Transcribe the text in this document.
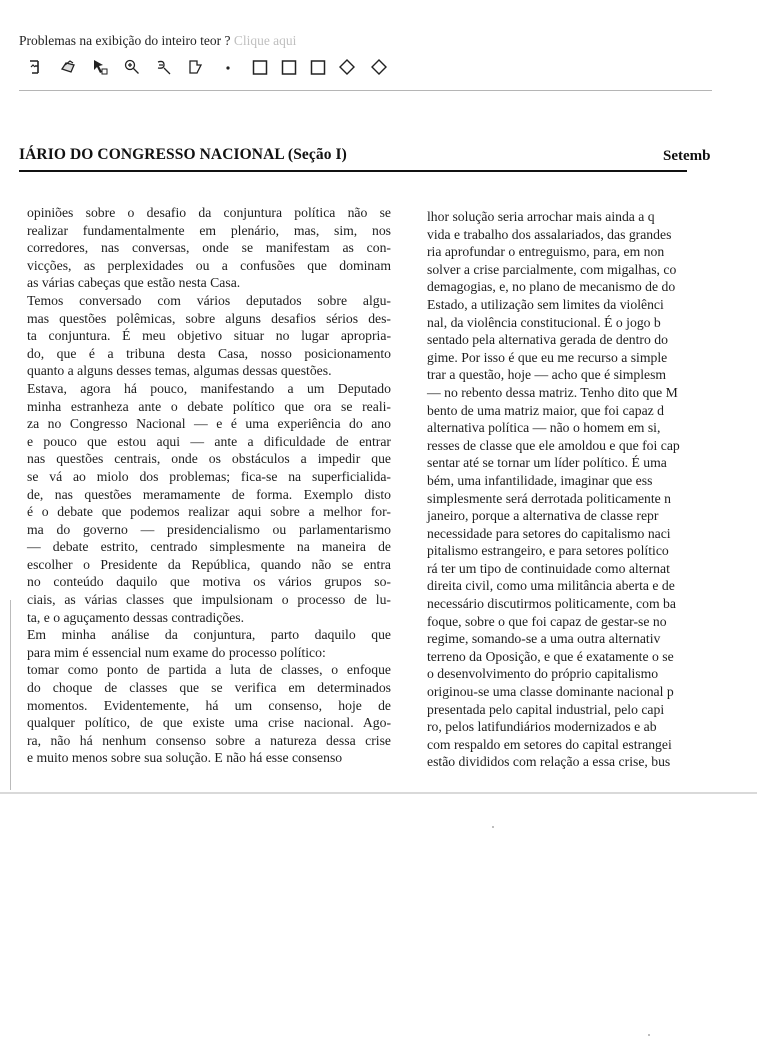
Problemas na exibição do inteiro teor ? Clique aqui
IÁRIO DO CONGRESSO NACIONAL (Seção I)	Setemb
opiniões sobre o desafio da conjuntura política não se
realizar fundamentalmente em plenário, mas, sim, nos
corredores, nas conversas, onde se manifestam as con-
vicções, as perplexidades ou a confusões que dominam
as várias cabeças que estão nesta Casa.
Temos conversado com vários deputados sobre algu-
mas questões polêmicas, sobre alguns desafios sérios des-
ta conjuntura. É meu objetivo situar no lugar apropria-
do, que é a tribuna desta Casa, nosso posicionamento
quanto a alguns desses temas, algumas dessas questões.
Estava, agora há pouco, manifestando a um Deputado
minha estranheza ante o debate político que ora se reali-
za no Congresso Nacional — e é uma experiência do ano
e pouco que estou aqui — ante a dificuldade de entrar
nas questões centrais, onde os obstáculos a impedir que
se vá ao miolo dos problemas; fica-se na superficialida-
de, nas questões meramamente de forma. Exemplo disto
é o debate que podemos realizar aqui sobre a melhor for-
ma do governo — presidencialismo ou parlamentarismo
— debate estrito, centrado simplesmente na maneira de
escolher o Presidente da República, quando não se entra
no conteúdo daquilo que motiva os vários grupos so-
ciais, as várias classes que impulsionam o processo de lu-
ta, e o aguçamento dessas contradições.
Em minha análise da conjuntura, parto daquilo que
para mim é essencial num exame do processo político:
tomar como ponto de partida a luta de classes, o enfoque
do choque de classes que se verifica em determinados
momentos. Evidentemente, há um consenso, hoje de
qualquer político, de que existe uma crise nacional. Ago-
ra, não há nenhum consenso sobre a natureza dessa crise
e muito menos sobre sua solução. E não há esse consenso
lhor solução seria arrochar mais ainda a q
vida e trabalho dos assalariados, das grandes
ria aprofundar o entreguismo, para, em non
solver a crise parcialmente, com migalhas, co
demagogias, e, no plano de mecanismo de do
Estado, a utilização sem limites da violênci
nal, da violência constitucional. É o jogo b
sentado pela alternativa gerada de dentro do
gime. Por isso é que eu me recurso a simple
trar a questão, hoje — acho que é simplesm
— no rebento dessa matriz. Tenho dito que M
bento de uma matriz maior, que foi capaz d
alternativa política — não o homem em si,
resses de classe que ele amoldou e que foi cap
sentar até se tornar um líder político. É uma
bém, uma infantilidade, imaginar que ess
simplesmente será derrotada politicamente n
janeiro, porque a alternativa de classe repr
necessidade para setores do capitalismo naci
pitalismo estrangeiro, e para setores político
rá ter um tipo de continuidade como alternat
direita civil, como uma militância aberta e de
necessário discutirmos politicamente, com ba
foque, sobre o que foi capaz de gestar-se no
regime, somando-se a uma outra alternativ
terreno da Oposição, e que é exatamente o se
o desenvolvimento do próprio capitalismo
originou-se uma classe dominante nacional p
presentada pelo capital industrial, pelo capi
ro, pelos latifundiários modernizados e ab
com respaldo em setores do capital estrangei
estão divididos com relação a essa crise, bus
